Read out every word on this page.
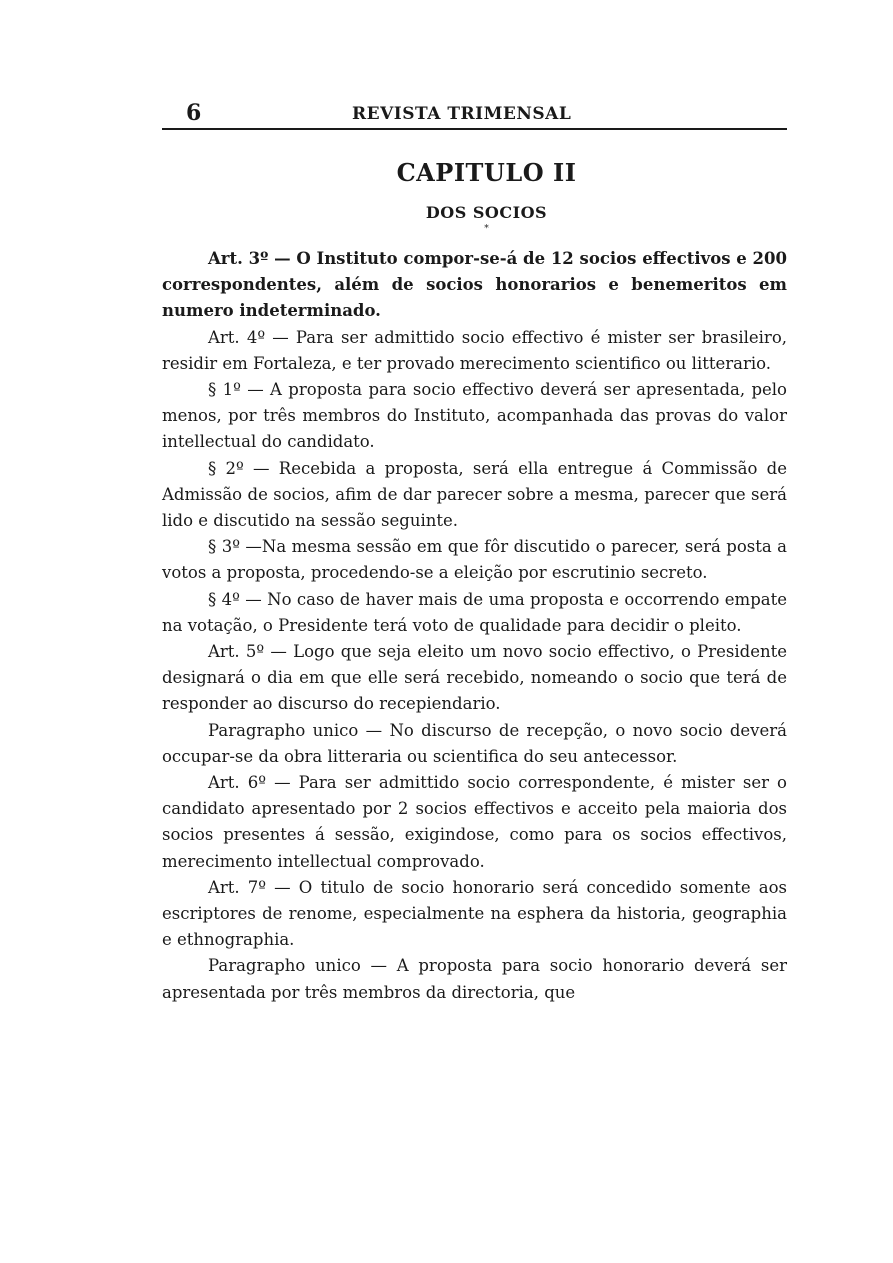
6	REVISTA TRIMENSAL
CAPITULO II
DOS SOCIOS
*

Art. 3º — O Instituto compor-se-á de 12 socios effectivos e 200 correspondentes, além de socios honorarios e benemeritos em numero indeterminado.

Art. 4º — Para ser admittido socio effectivo é mister ser brasileiro, residir em Fortaleza, e ter provado merecimento scientifico ou litterario.

§ 1º — A proposta para socio effectivo deverá ser apresentada, pelo menos, por três membros do Instituto, acompanhada das provas do valor intellectual do candidato.

§ 2º — Recebida a proposta, será ella entregue á Commissão de Admissão de socios, afim de dar parecer sobre a mesma, parecer que será lido e discutido na sessão seguinte.

§ 3º —Na mesma sessão em que fôr discutido o parecer, será posta a votos a proposta, procedendo-se a eleição por escrutinio secreto.

§ 4º — No caso de haver mais de uma proposta e occorrendo empate na votação, o Presidente terá voto de qualidade para decidir o pleito.

Art. 5º — Logo que seja eleito um novo socio effectivo, o Presidente designará o dia em que elle será recebido, nomeando o socio que terá de responder ao discurso do recepiendario.

Paragrapho unico — No discurso de recepção, o novo socio deverá occupar-se da obra litteraria ou scientifica do seu antecessor.

Art. 6º — Para ser admittido socio correspondente, é mister ser o candidato apresentado por 2 socios effectivos e acceito pela maioria dos socios presentes á sessão, exigindose, como para os socios effectivos, merecimento intellectual comprovado.

Art. 7º — O titulo de socio honorario será concedido somente aos escriptores de renome, especialmente na esphera da historia, geographia e ethnographia.

Paragrapho unico — A proposta para socio honorario deverá ser apresentada por três membros da directoria, que
